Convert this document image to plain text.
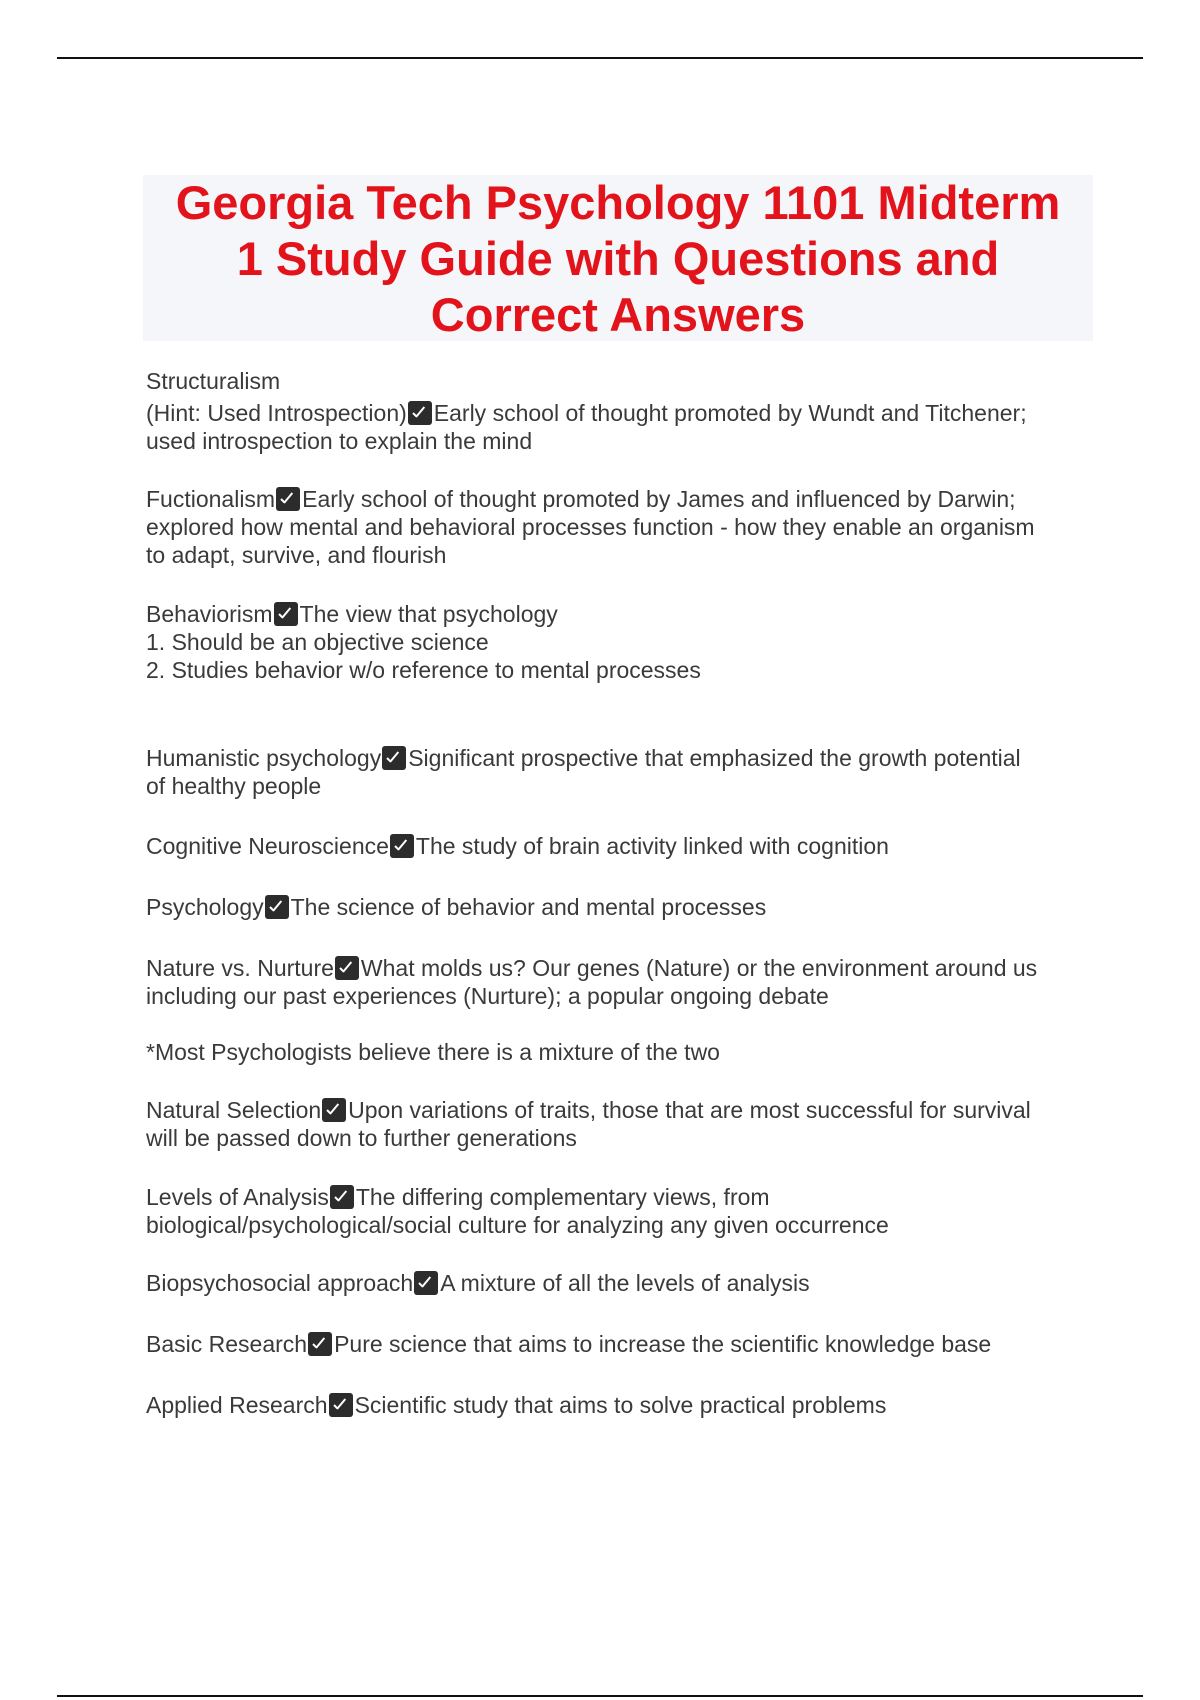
Georgia Tech Psychology 1101 Midterm
1 Study Guide with Questions and
Correct Answers
Structuralism
(Hint: Used Introspection) Early school of thought promoted by Wundt and Titchener;
used introspection to explain the mind
Fuctionalism Early school of thought promoted by James and influenced by Darwin;
explored how mental and behavioral processes function - how they enable an organism
to adapt, survive, and flourish
Behaviorism The view that psychology
1. Should be an objective science
2. Studies behavior w/o reference to mental processes
Humanistic psychology Significant prospective that emphasized the growth potential
of healthy people
Cognitive Neuroscience The study of brain activity linked with cognition
Psychology The science of behavior and mental processes
Nature vs. Nurture What molds us? Our genes (Nature) or the environment around us
including our past experiences (Nurture); a popular ongoing debate
*Most Psychologists believe there is a mixture of the two
Natural Selection Upon variations of traits, those that are most successful for survival
will be passed down to further generations
Levels of Analysis The differing complementary views, from
biological/psychological/social culture for analyzing any given occurrence
Biopsychosocial approach A mixture of all the levels of analysis
Basic Research Pure science that aims to increase the scientific knowledge base
Applied Research Scientific study that aims to solve practical problems
